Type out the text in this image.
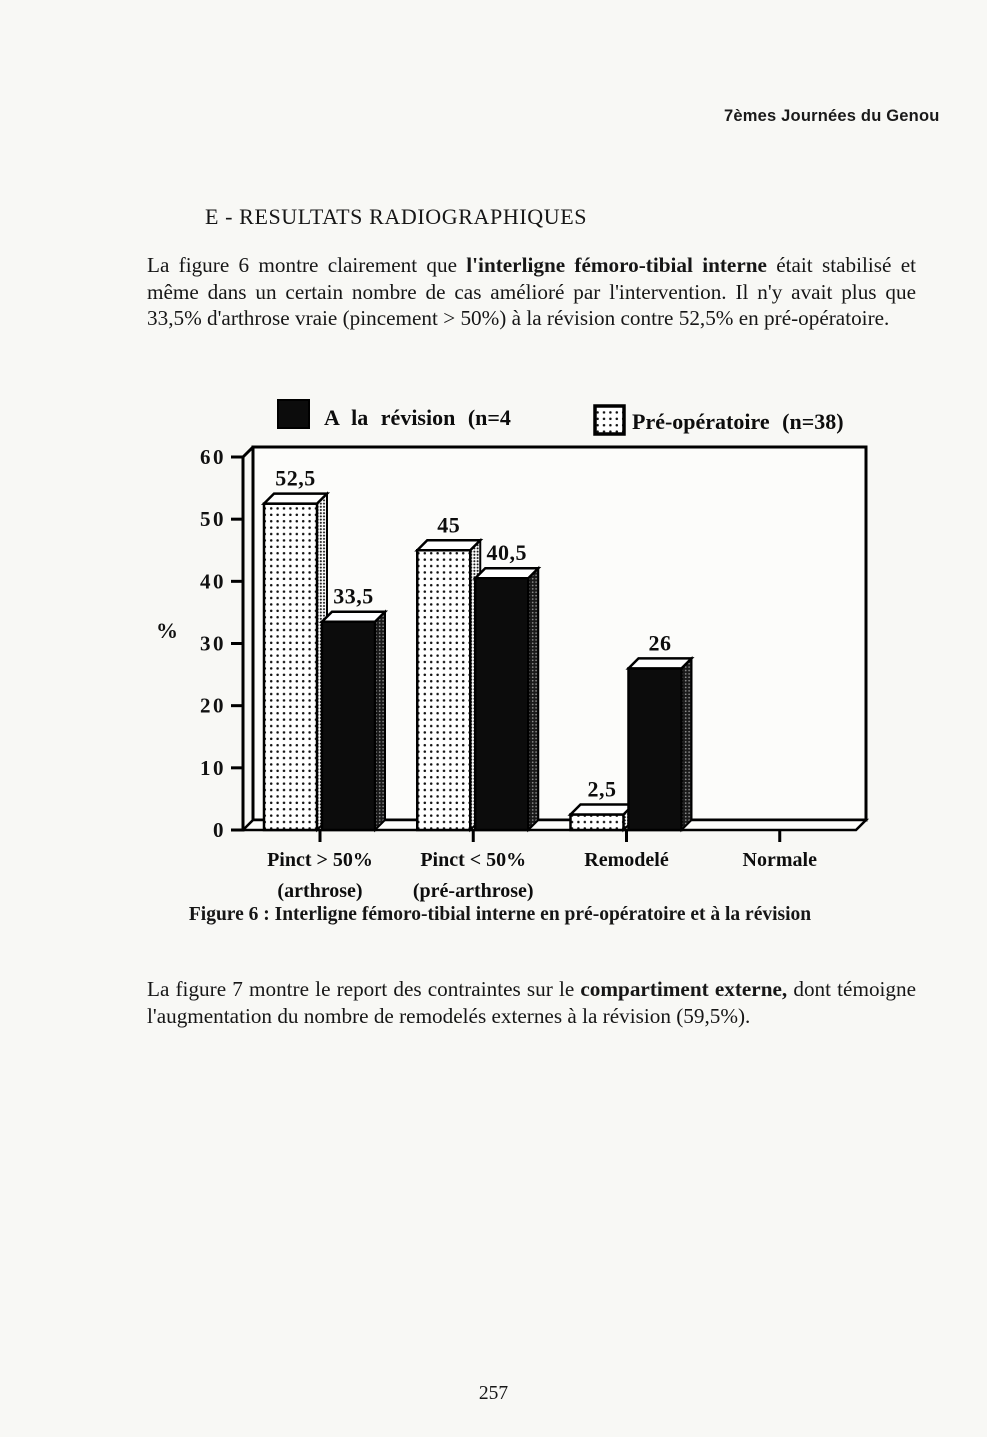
7èmes Journées du Genou
E - RESULTATS RADIOGRAPHIQUES

La figure 6 montre clairement que l'interligne fémoro-tibial interne était stabilisé et même dans un certain nombre de cas amélioré par l'intervention. Il n'y avait plus que 33,5% d'arthrose vraie (pincement > 50%) à la révision contre 52,5% en pré-opératoire.

0
10
20
30
40
50
60
%
Pinct > 50%
(arthrose)
Pinct < 50%
(pré-arthrose)
Remodelé	Normale
52,5
33,5
45
40,5
2,5
26
A la révision (n=4	Pré-opératoire (n=38)
Figure 6 : Interligne fémoro-tibial interne en pré-opératoire et à la révision

La figure 7 montre le report des contraintes sur le compartiment externe, dont témoigne l'augmentation du nombre de remodelés externes à la révision (59,5%).

257
